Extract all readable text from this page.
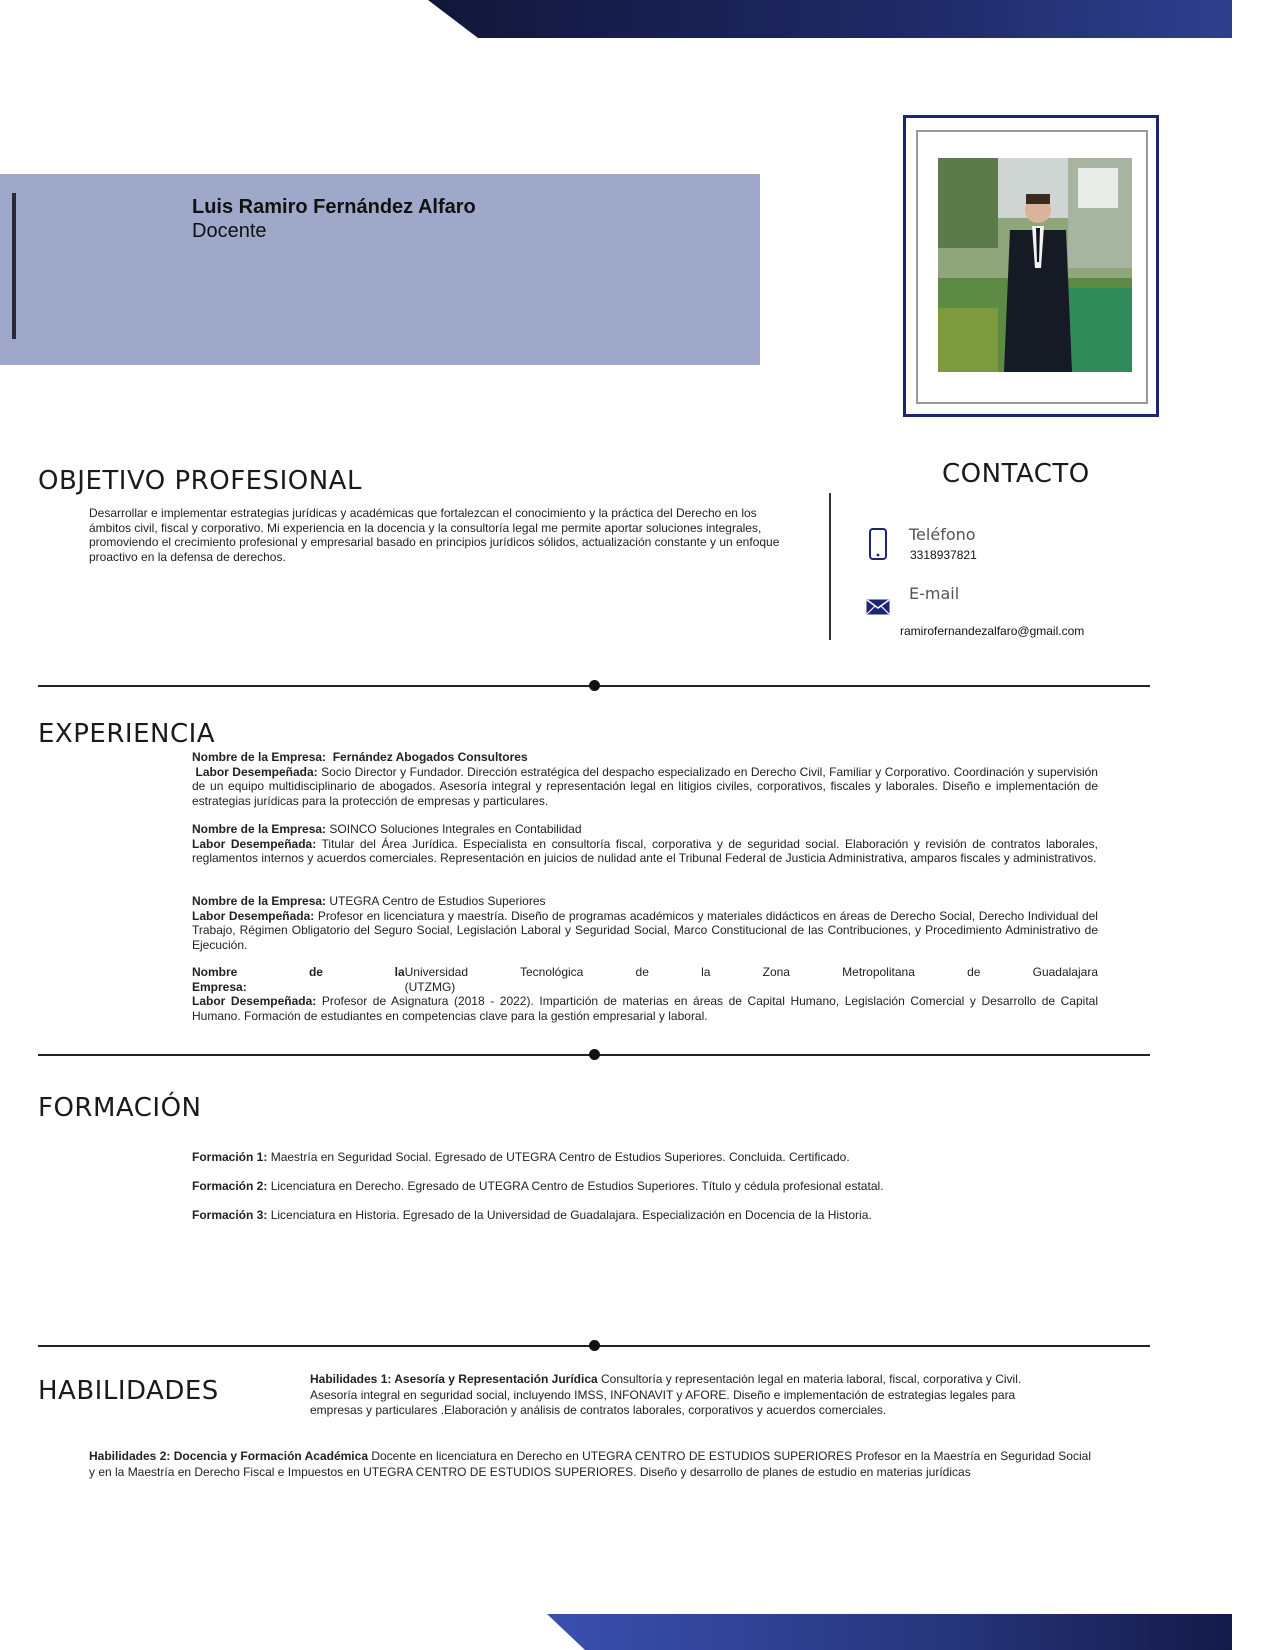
Luis Ramiro Fernández Alfaro
Docente
OBJETIVO PROFESIONAL
Desarrollar e implementar estrategias jurídicas y académicas que fortalezcan el conocimiento y la práctica del Derecho en los ámbitos civil, fiscal y corporativo. Mi experiencia en la docencia y la consultoría legal me permite aportar soluciones integrales, promoviendo el crecimiento profesional y empresarial basado en principios jurídicos sólidos, actualización constante y un enfoque proactivo en la defensa de derechos.
CONTACTO
Teléfono
3318937821
E-mail
ramirofernandezalfaro@gmail.com
EXPERIENCIA
Nombre de la Empresa: Fernández Abogados Consultores
Labor Desempeñada: Socio Director y Fundador. Dirección estratégica del despacho especializado en Derecho Civil, Familiar y Corporativo. Coordinación y supervisión de un equipo multidisciplinario de abogados. Asesoría integral y representación legal en litigios civiles, corporativos, fiscales y laborales. Diseño e implementación de estrategias jurídicas para la protección de empresas y particulares.
Nombre de la Empresa: SOINCO Soluciones Integrales en Contabilidad
Labor Desempeñada: Titular del Área Jurídica. Especialista en consultoría fiscal, corporativa y de seguridad social. Elaboración y revisión de contratos laborales, reglamentos internos y acuerdos comerciales. Representación en juicios de nulidad ante el Tribunal Federal de Justicia Administrativa, amparos fiscales y administrativos.
Nombre de la Empresa: UTEGRA Centro de Estudios Superiores
Labor Desempeñada: Profesor en licenciatura y maestría. Diseño de programas académicos y materiales didácticos en áreas de Derecho Social, Derecho Individual del Trabajo, Régimen Obligatorio del Seguro Social, Legislación Laboral y Seguridad Social, Marco Constitucional de las Contribuciones, y Procedimiento Administrativo de Ejecución.
Nombre de la Empresa:
Universidad Tecnológica de la Zona Metropolitana de Guadalajara (UTZMG)
Labor Desempeñada: Profesor de Asignatura (2018 - 2022). Impartición de materias en áreas de Capital Humano, Legislación Comercial y Desarrollo de Capital Humano. Formación de estudiantes en competencias clave para la gestión empresarial y laboral.
FORMACIÓN
Formación 1: Maestría en Seguridad Social. Egresado de UTEGRA Centro de Estudios Superiores. Concluida. Certificado.
Formación 2: Licenciatura en Derecho. Egresado de UTEGRA Centro de Estudios Superiores. Título y cédula profesional estatal.
Formación 3: Licenciatura en Historia. Egresado de la Universidad de Guadalajara. Especialización en Docencia de la Historia.
HABILIDADES	Habilidades 1: Asesoría y Representación Jurídica Consultoría y representación legal en materia laboral, fiscal, corporativa y Civil. Asesoría integral en seguridad social, incluyendo IMSS, INFONAVIT y AFORE. Diseño e implementación de estrategias legales para empresas y particulares .Elaboración y análisis de contratos laborales, corporativos y acuerdos comerciales.
Habilidades 2: Docencia y Formación Académica Docente en licenciatura en Derecho en UTEGRA CENTRO DE ESTUDIOS SUPERIORES Profesor en la Maestría en Seguridad Social y en la Maestría en Derecho Fiscal e Impuestos en UTEGRA CENTRO DE ESTUDIOS SUPERIORES. Diseño y desarrollo de planes de estudio en materias jurídicas
